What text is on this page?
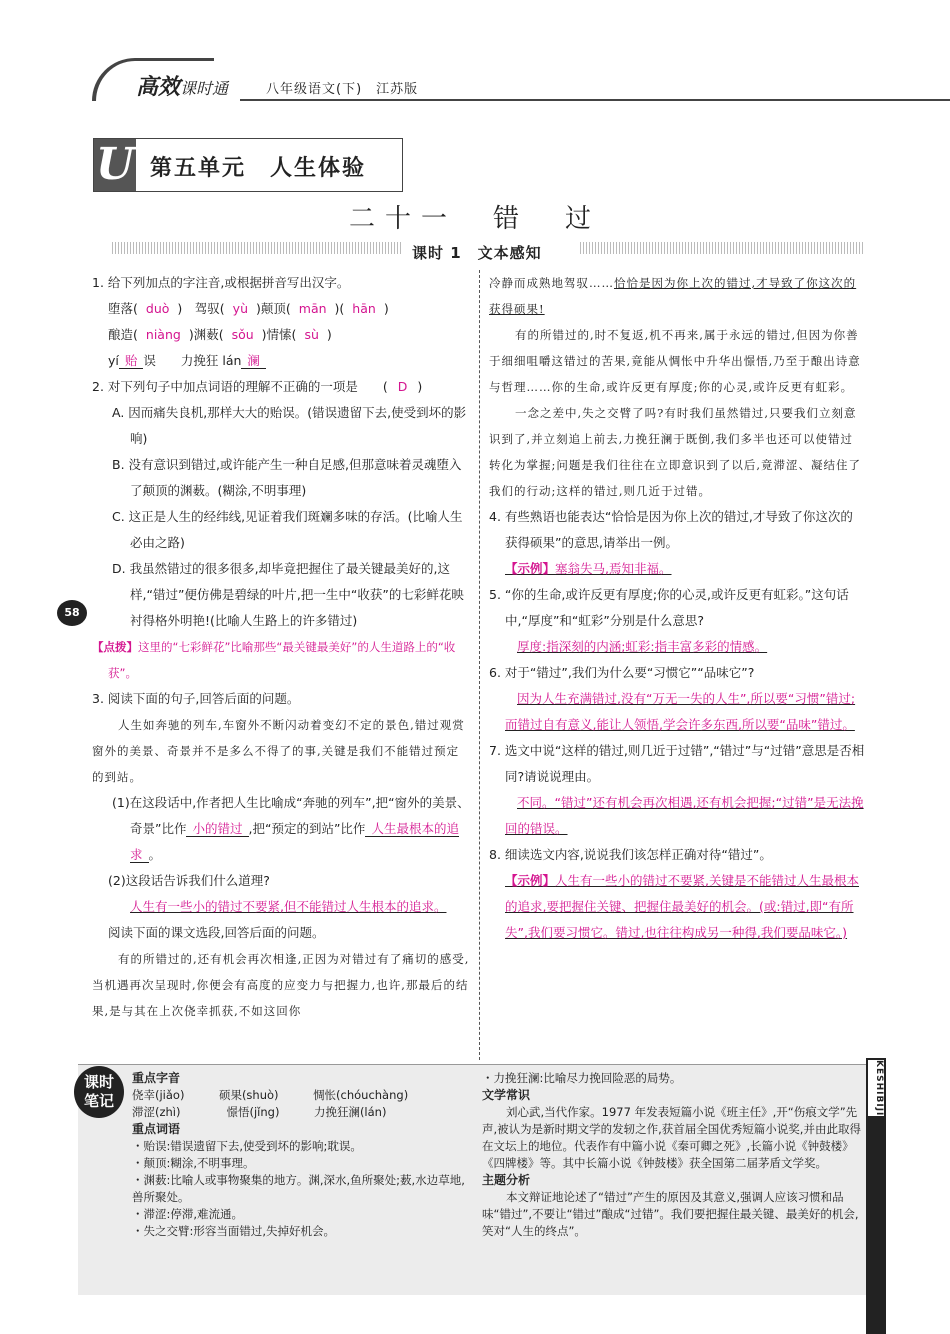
高效课时通	八年级语文(下)　江苏版
U 第五单元　人生体验
二十一　错　过
课时 1　文本感知
58

1. 给下列加点的字注音,或根据拼音写出汉字。

堕落( duò )　驾驭( yù )颠顶( mān )( hān )

酿造( niàng )渊薮( sǒu )情愫( sù )

yí 贻 误　　力挽狂 lán 澜

2. 对下列句子中加点词语的理解不正确的一项是　　( D )

A. 因而痛失良机,那样大大的贻误。(错误遗留下去,使受到坏的影响)

B. 没有意识到错过,或许能产生一种自足感,但那意味着灵魂堕入了颠顶的渊薮。(糊涂,不明事理)

C. 这正是人生的经纬线,见证着我们斑斓多味的存活。(比喻人生必由之路)

D. 我虽然错过的很多很多,却毕竟把握住了最关键最美好的,这样,“错过”便仿佛是碧绿的叶片,把一生中“收获”的七彩鲜花映衬得格外明艳!(比喻人生路上的许多错过)

【点拨】这里的“七彩鲜花”比喻那些“最关键最美好”的人生道路上的“收获”。

3. 阅读下面的句子,回答后面的问题。

人生如奔驰的列车,车窗外不断闪动着变幻不定的景色,错过观赏窗外的美景、奇景并不是多么不得了的事,关键是我们不能错过预定的到站。

(1)在这段话中,作者把人生比喻成“奔驰的列车”,把“窗外的美景、奇景”比作 小的错过 ,把“预定的到站”比作 人生最根本的追求 。

(2)这段话告诉我们什么道理?

人生有一些小的错过不要紧,但不能错过人生根本的追求。

阅读下面的课文选段,回答后面的问题。

有的所错过的,还有机会再次相逢,正因为对错过有了痛切的感受,当机遇再次呈现时,你便会有高度的应变力与把握力,也许,那最后的结果,是与其在上次侥幸抓获,不如这回你

冷静而成熟地驾驭……恰恰是因为你上次的错过,才导致了你这次的获得硕果!

有的所错过的,时不复返,机不再来,属于永远的错过,但因为你善于细细咀嚼这错过的苦果,竟能从惆怅中升华出憬悟,乃至于酿出诗意与哲理……你的生命,或许反更有厚度;你的心灵,或许反更有虹彩。

一念之差中,失之交臂了吗?有时我们虽然错过,只要我们立刻意识到了,并立刻追上前去,力挽狂澜于既倒,我们多半也还可以使错过转化为掌握;问题是我们往往在立即意识到了以后,竟滞涩、凝结住了我们的行动;这样的错过,则几近于过错。

4. 有些熟语也能表达“恰恰是因为你上次的错过,才导致了你这次的获得硕果”的意思,请举出一例。

【示例】塞翁失马,焉知非福。

5. “你的生命,或许反更有厚度;你的心灵,或许反更有虹彩。”这句话中,“厚度”和“虹彩”分别是什么意思?

厚度:指深刻的内涵;虹彩:指丰富多彩的情感。

6. 对于“错过”,我们为什么要“习惯它”“品味它”?

因为人生充满错过,没有“万无一失的人生”,所以要“习惯”错过;而错过自有意义,能让人领悟,学会许多东西,所以要“品味”错过。

7. 选文中说“这样的错过,则几近于过错”,“错过”与“过错”意思是否相同?请说说理由。

不同。“错过”还有机会再次相遇,还有机会把握;“过错”是无法挽回的错误。

8. 细读选文内容,说说我们该怎样正确对待“错过”。

【示例】人生有一些小的错过不要紧,关键是不能错过人生最根本的追求,要把握住关键、把握住最美好的机会。(或:错过,即“有所失”,我们要习惯它。错过,也往往构成另一种得,我们要品味它。)

课时
笔记

重点字音

侥幸(jiǎo)　　　硕果(shuò)　　　惆怅(chóuchàng)

滞涩(zhì)　　　　憬悟(jǐng)　　　力挽狂澜(lán)

重点词语

・贻误:错误遗留下去,使受到坏的影响;耽误。

・颠顶:糊涂,不明事理。

・渊薮:比喻人或事物聚集的地方。渊,深水,鱼所聚处;薮,水边草地,兽所聚处。

・滞涩:停滞,难流通。

・失之交臂:形容当面错过,失掉好机会。

・力挽狂澜:比喻尽力挽回险恶的局势。

文学常识

刘心武,当代作家。1977 年发表短篇小说《班主任》,开“伤痕文学”先声,被认为是新时期文学的发轫之作,获首届全国优秀短篇小说奖,并由此取得在文坛上的地位。代表作有中篇小说《秦可卿之死》,长篇小说《钟鼓楼》《四牌楼》等。其中长篇小说《钟鼓楼》获全国第二届茅盾文学奖。

主题分析

本文辩证地论述了“错过”产生的原因及其意义,强调人应该习惯和品味“错过”,不要让“错过”酿成“过错”。我们要把握住最关键、最美好的机会,笑对“人生的终点”。

KESHIBIJI
